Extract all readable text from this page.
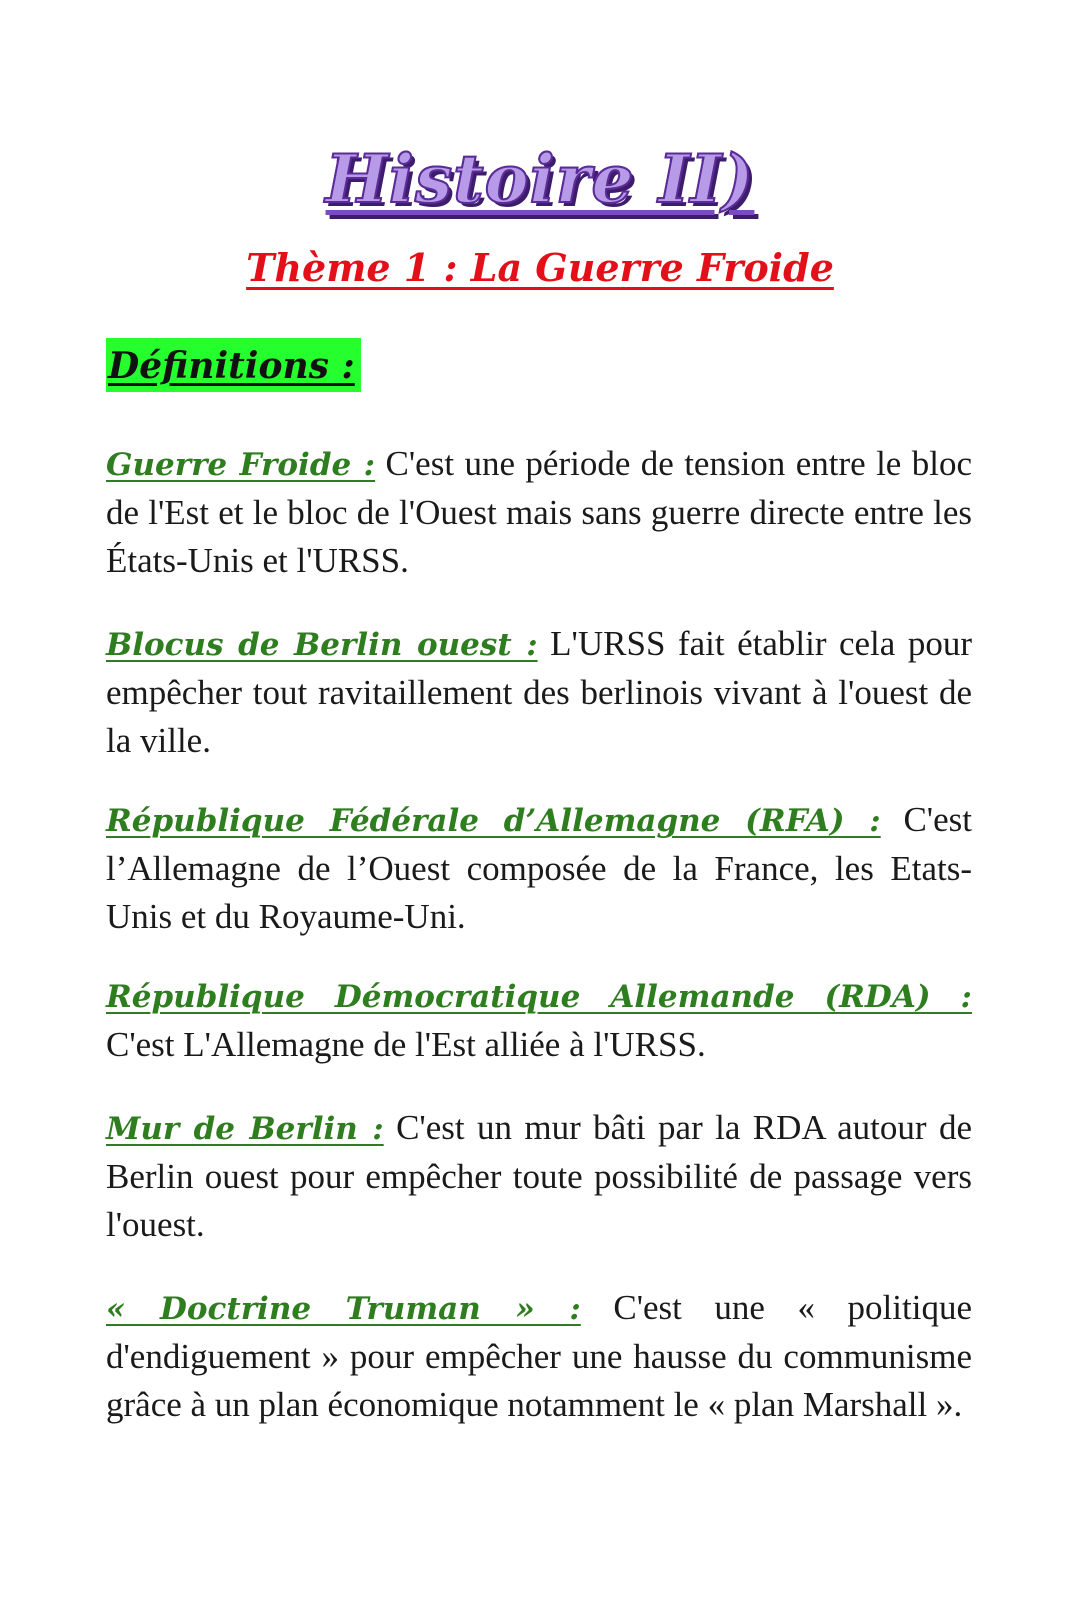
Histoire II)
Thème 1 : La Guerre Froide
Définitions :

Guerre Froide : C'est une période de tension entre le bloc de l'Est et le bloc de l'Ouest mais sans guerre directe entre les États-Unis et l'URSS.

Blocus de Berlin ouest : L'URSS fait établir cela pour empêcher tout ravitaillement des berlinois vivant à l'ouest de la ville.

République Fédérale d’Allemagne (RFA) : C'est l’Allemagne de l’Ouest composée de la France, les Etats-Unis et du Royaume-Uni.

République Démocratique Allemande (RDA) : C'est L'Allemagne de l'Est alliée à l'URSS.

Mur de Berlin : C'est un mur bâti par la RDA autour de Berlin ouest pour empêcher toute possibilité de passage vers l'ouest.

« Doctrine Truman » : C'est une « politique d'endiguement » pour empêcher une hausse du communisme grâce à un plan économique notamment le « plan Marshall ».
